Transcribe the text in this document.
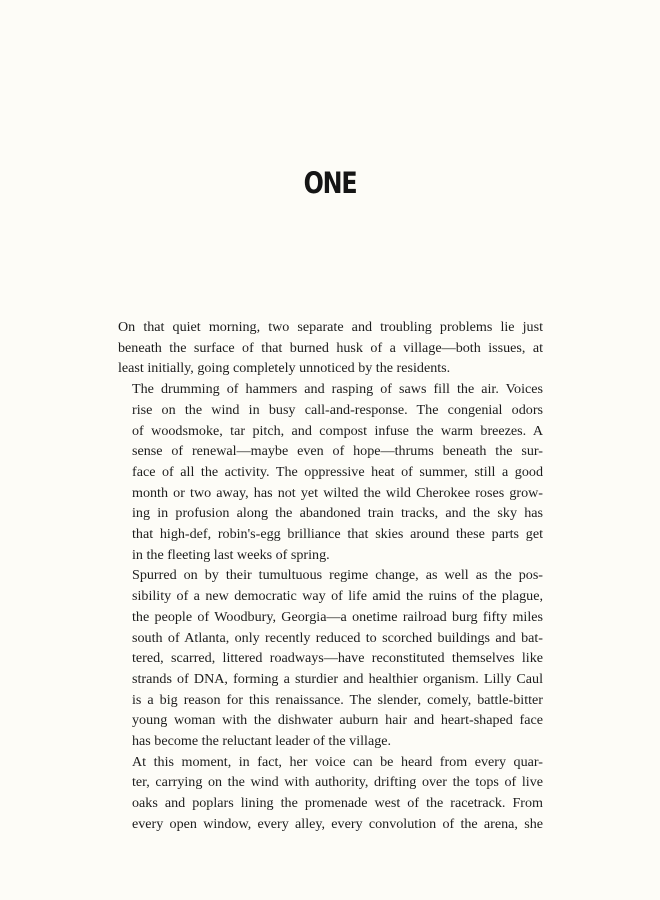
ONE

On that quiet morning, two separate and troubling problems lie just
beneath the surface of that burned husk of a village—both issues, at
least initially, going completely unnoticed by the residents.

The drumming of hammers and rasping of saws fill the air. Voices
rise on the wind in busy call-and-response. The congenial odors
of woodsmoke, tar pitch, and compost infuse the warm breezes. A
sense of renewal—maybe even of hope—thrums beneath the sur-
face of all the activity. The oppressive heat of summer, still a good
month or two away, has not yet wilted the wild Cherokee roses grow-
ing in profusion along the abandoned train tracks, and the sky has
that high-def, robin's-egg brilliance that skies around these parts get
in the fleeting last weeks of spring.

Spurred on by their tumultuous regime change, as well as the pos-
sibility of a new democratic way of life amid the ruins of the plague,
the people of Woodbury, Georgia—a onetime railroad burg fifty miles
south of Atlanta, only recently reduced to scorched buildings and bat-
tered, scarred, littered roadways—have reconstituted themselves like
strands of DNA, forming a sturdier and healthier organism. Lilly Caul
is a big reason for this renaissance. The slender, comely, battle-bitter
young woman with the dishwater auburn hair and heart-shaped face
has become the reluctant leader of the village.

At this moment, in fact, her voice can be heard from every quar-
ter, carrying on the wind with authority, drifting over the tops of live
oaks and poplars lining the promenade west of the racetrack. From
every open window, every alley, every convolution of the arena, she
